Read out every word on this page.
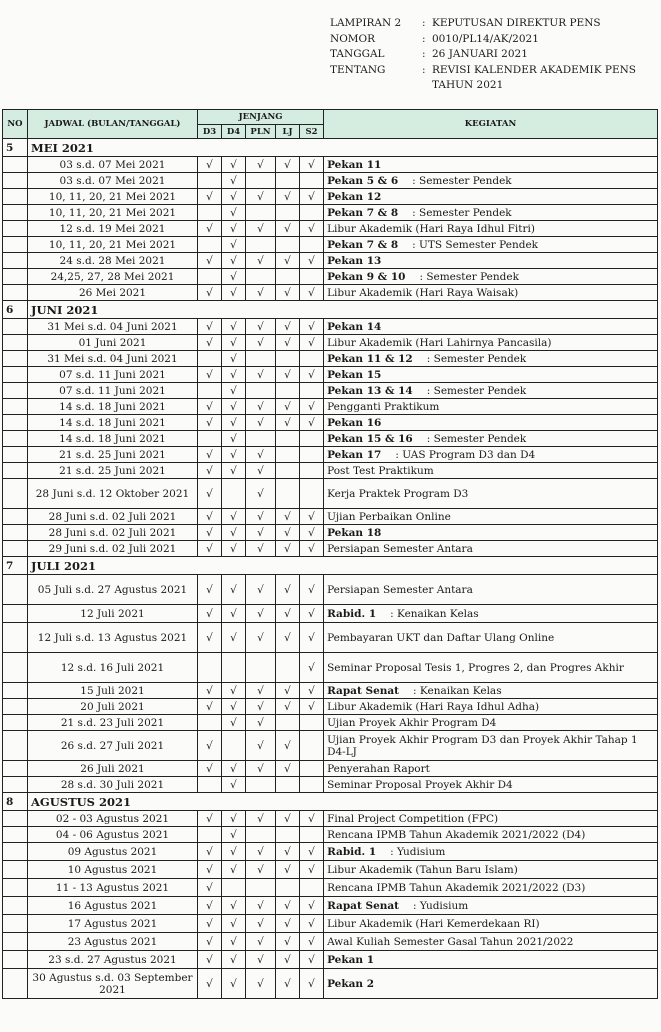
LAMPIRAN 2	: KEPUTUSAN DIREKTUR PENS
NOMOR	: 0010/PL14/AK/2021
TANGGAL	: 26 JANUARI 2021
TENTANG	: REVISI KALENDER AKADEMIK PENS
TAHUN 2021
NO	JADWAL (BULAN/TANGGAL)	JENJANG					KEGIATAN
		D3	D4	PLN	LJ	S2	
5	MEI 2021						
	03 s.d. 07 Mei 2021	√	√	√	√	√	Pekan 11
	03 s.d. 07 Mei 2021		√				Pekan 5 & 6 : Semester Pendek
	10, 11, 20, 21 Mei 2021	√	√	√	√	√	Pekan 12
	10, 11, 20, 21 Mei 2021		√				Pekan 7 & 8 : Semester Pendek
	12 s.d. 19 Mei 2021	√	√	√	√	√	Libur Akademik (Hari Raya Idhul Fitri)
	10, 11, 20, 21 Mei 2021		√				Pekan 7 & 8 : UTS Semester Pendek
	24 s.d. 28 Mei 2021	√	√	√	√	√	Pekan 13
	24,25, 27, 28 Mei 2021		√				Pekan 9 & 10 : Semester Pendek
	26 Mei 2021	√	√	√	√	√	Libur Akademik (Hari Raya Waisak)
6	JUNI 2021						
	31 Mei s.d. 04 Juni 2021	√	√	√	√	√	Pekan 14
	01 Juni 2021	√	√	√	√	√	Libur Akademik (Hari Lahirnya Pancasila)
	31 Mei s.d. 04 Juni 2021		√				Pekan 11 & 12 : Semester Pendek
	07 s.d. 11 Juni 2021	√	√	√	√	√	Pekan 15
	07 s.d. 11 Juni 2021		√				Pekan 13 & 14 : Semester Pendek
	14 s.d. 18 Juni 2021	√	√	√	√	√	Pengganti Praktikum
	14 s.d. 18 Juni 2021	√	√	√	√	√	Pekan 16
	14 s.d. 18 Juni 2021		√				Pekan 15 & 16 : Semester Pendek
	21 s.d. 25 Juni 2021	√	√	√			Pekan 17 : UAS Program D3 dan D4
	21 s.d. 25 Juni 2021	√	√	√			Post Test Praktikum
	28 Juni s.d. 12 Oktober 2021	√		√			Kerja Praktek Program D3
	28 Juni s.d. 02 Juli 2021	√	√	√	√	√	Ujian Perbaikan Online
	28 Juni s.d. 02 Juli 2021	√	√	√	√	√	Pekan 18
	29 Juni s.d. 02 Juli 2021	√	√	√	√	√	Persiapan Semester Antara
7	JULI 2021						
	05 Juli s.d. 27 Agustus 2021	√	√	√	√	√	Persiapan Semester Antara
	12 Juli 2021	√	√	√	√	√	Rabid. 1 : Kenaikan Kelas
	12 Juli s.d. 13 Agustus 2021	√	√	√	√	√	Pembayaran UKT dan Daftar Ulang Online
	12 s.d. 16 Juli 2021					√	Seminar Proposal Tesis 1, Progres 2, dan Progres Akhir
	15 Juli 2021	√	√	√	√	√	Rapat Senat : Kenaikan Kelas
	20 Juli 2021	√	√	√	√	√	Libur Akademik (Hari Raya Idhul Adha)
	21 s.d. 23 Juli 2021		√	√			Ujian Proyek Akhir Program D4
	26 s.d. 27 Juli 2021	√		√	√		Ujian Proyek Akhir Program D3 dan Proyek Akhir Tahap 1 D4-LJ
	26 Juli 2021	√	√	√	√		Penyerahan Raport
	28 s.d. 30 Juli 2021		√				Seminar Proposal Proyek Akhir D4
8	AGUSTUS 2021						
	02 - 03 Agustus 2021	√	√	√	√	√	Final Project Competition (FPC)
	04 - 06 Agustus 2021		√				Rencana IPMB Tahun Akademik 2021/2022 (D4)
	09 Agustus 2021	√	√	√	√	√	Rabid. 1 : Yudisium
	10 Agustus 2021	√	√	√	√	√	Libur Akademik (Tahun Baru Islam)
	11 - 13 Agustus 2021	√					Rencana IPMB Tahun Akademik 2021/2022 (D3)
	16 Agustus 2021	√	√	√	√	√	Rapat Senat : Yudisium
	17 Agustus 2021	√	√	√	√	√	Libur Akademik (Hari Kemerdekaan RI)
	23 Agustus 2021	√	√	√	√	√	Awal Kuliah Semester Gasal Tahun 2021/2022
	23 s.d. 27 Agustus 2021	√	√	√	√	√	Pekan 1
	30 Agustus s.d. 03 September 2021	√	√	√	√	√	Pekan 2
